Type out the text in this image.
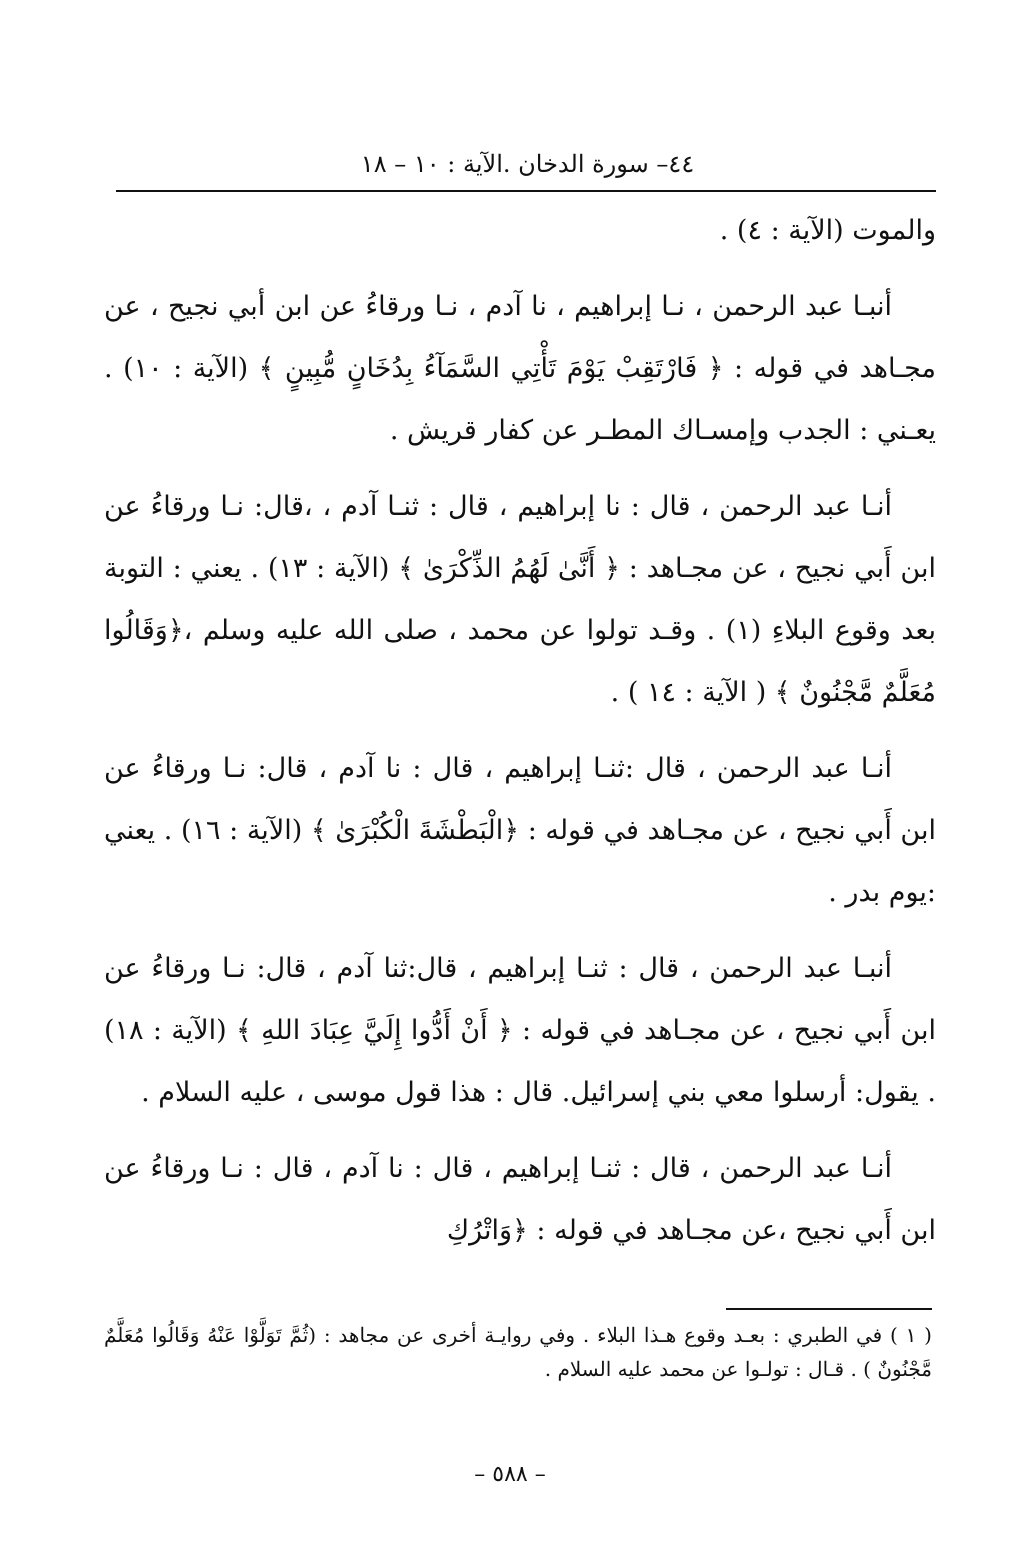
٤٤– سورة الدخان .الآية : ١٠ – ١٨

والموت (الآية : ٤) .

أنبـا عبد الرحمن ، نـا إبراهيم ، نا آدم ، نـا ورقاءُ عن ابن أبي نجيح ، عن مجـاهد في قوله : ﴿ فَارْتَقِبْ يَوْمَ تَأْتِي السَّمَآءُ بِدُخَانٍ مُّبِينٍ ﴾ (الآية : ١٠) . يعـني : الجدب وإمسـاك المطـر عن كفار قريش .

أنـا عبد الرحمن ، قال : نا إبراهيم ، قال : ثنـا آدم ، ،قال: نـا ورقاءُ عن ابن أَبي نجيح ، عن مجـاهد : ﴿ أَنَّىٰ لَهُمُ الذِّكْرَىٰ ﴾ (الآية : ١٣) . يعني : التوبة بعد وقوع البلاءِ (١) . وقـد تولوا عن محمد ، صلى الله عليه وسلم ،﴿وَقَالُوا مُعَلَّمٌ مَّجْنُونٌ ﴾ ( الآية : ١٤ ) .

أنـا عبد الرحمن ، قال :ثنـا إبراهيم ، قال : نا آدم ، قال: نـا ورقاءُ عن ابن أَبي نجيح ، عن مجـاهد في قوله : ﴿الْبَطْشَةَ الْكُبْرَىٰ ﴾ (الآية : ١٦) . يعني :يوم بدر .

أنبـا عبد الرحمن ، قال : ثنـا إبراهيم ، قال:ثنا آدم ، قال: نـا ورقاءُ عن ابن أَبي نجيح ، عن مجـاهد في قوله : ﴿ أَنْ أَدُّوا إِلَيَّ عِبَادَ اللهِ ﴾ (الآية : ١٨) . يقول: أرسلوا معي بني إسرائيل. قال : هذا قول موسى ، عليه السلام .

أنـا عبد الرحمن ، قال : ثنـا إبراهيم ، قال : نا آدم ، قال : نـا ورقاءُ عن ابن أَبي نجيح ،عن مجـاهد في قوله : ﴿وَاتْرُكِ

( ١ ) في الطبري : بعـد وقوع هـذا البلاء . وفي روايـة أخرى عن مجاهد : (ثُمَّ تَوَلَّوْا عَنْهُ وَقَالُوا مُعَلَّمٌ مَّجْنُونٌ ) . قـال : تولـوا عن محمد عليه السلام .
– ٥٨٨ –
